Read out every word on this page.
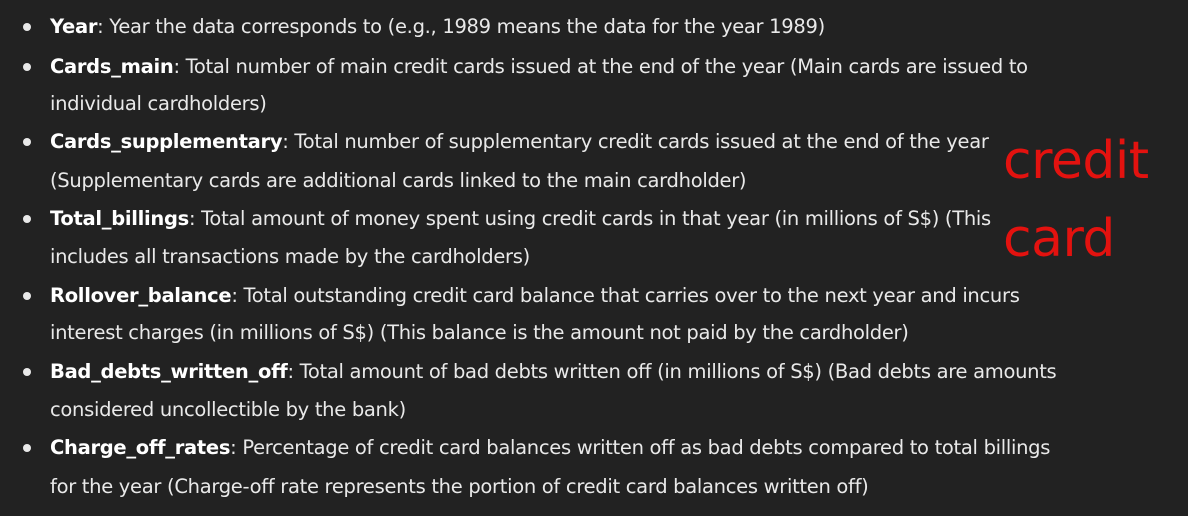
Year: Year the data corresponds to (e.g., 1989 means the data for the year 1989)
Cards_main: Total number of main credit cards issued at the end of the year (Main cards are issued to
individual cardholders)
Cards_supplementary: Total number of supplementary credit cards issued at the end of the year
(Supplementary cards are additional cards linked to the main cardholder)
Total_billings: Total amount of money spent using credit cards in that year (in millions of S$) (This
includes all transactions made by the cardholders)
Rollover_balance: Total outstanding credit card balance that carries over to the next year and incurs
interest charges (in millions of S$) (This balance is the amount not paid by the cardholder)
Bad_debts_written_off: Total amount of bad debts written off (in millions of S$) (Bad debts are amounts
considered uncollectible by the bank)
Charge_off_rates: Percentage of credit card balances written off as bad debts compared to total billings
for the year (Charge-off rate represents the portion of credit card balances written off)
credit
card
